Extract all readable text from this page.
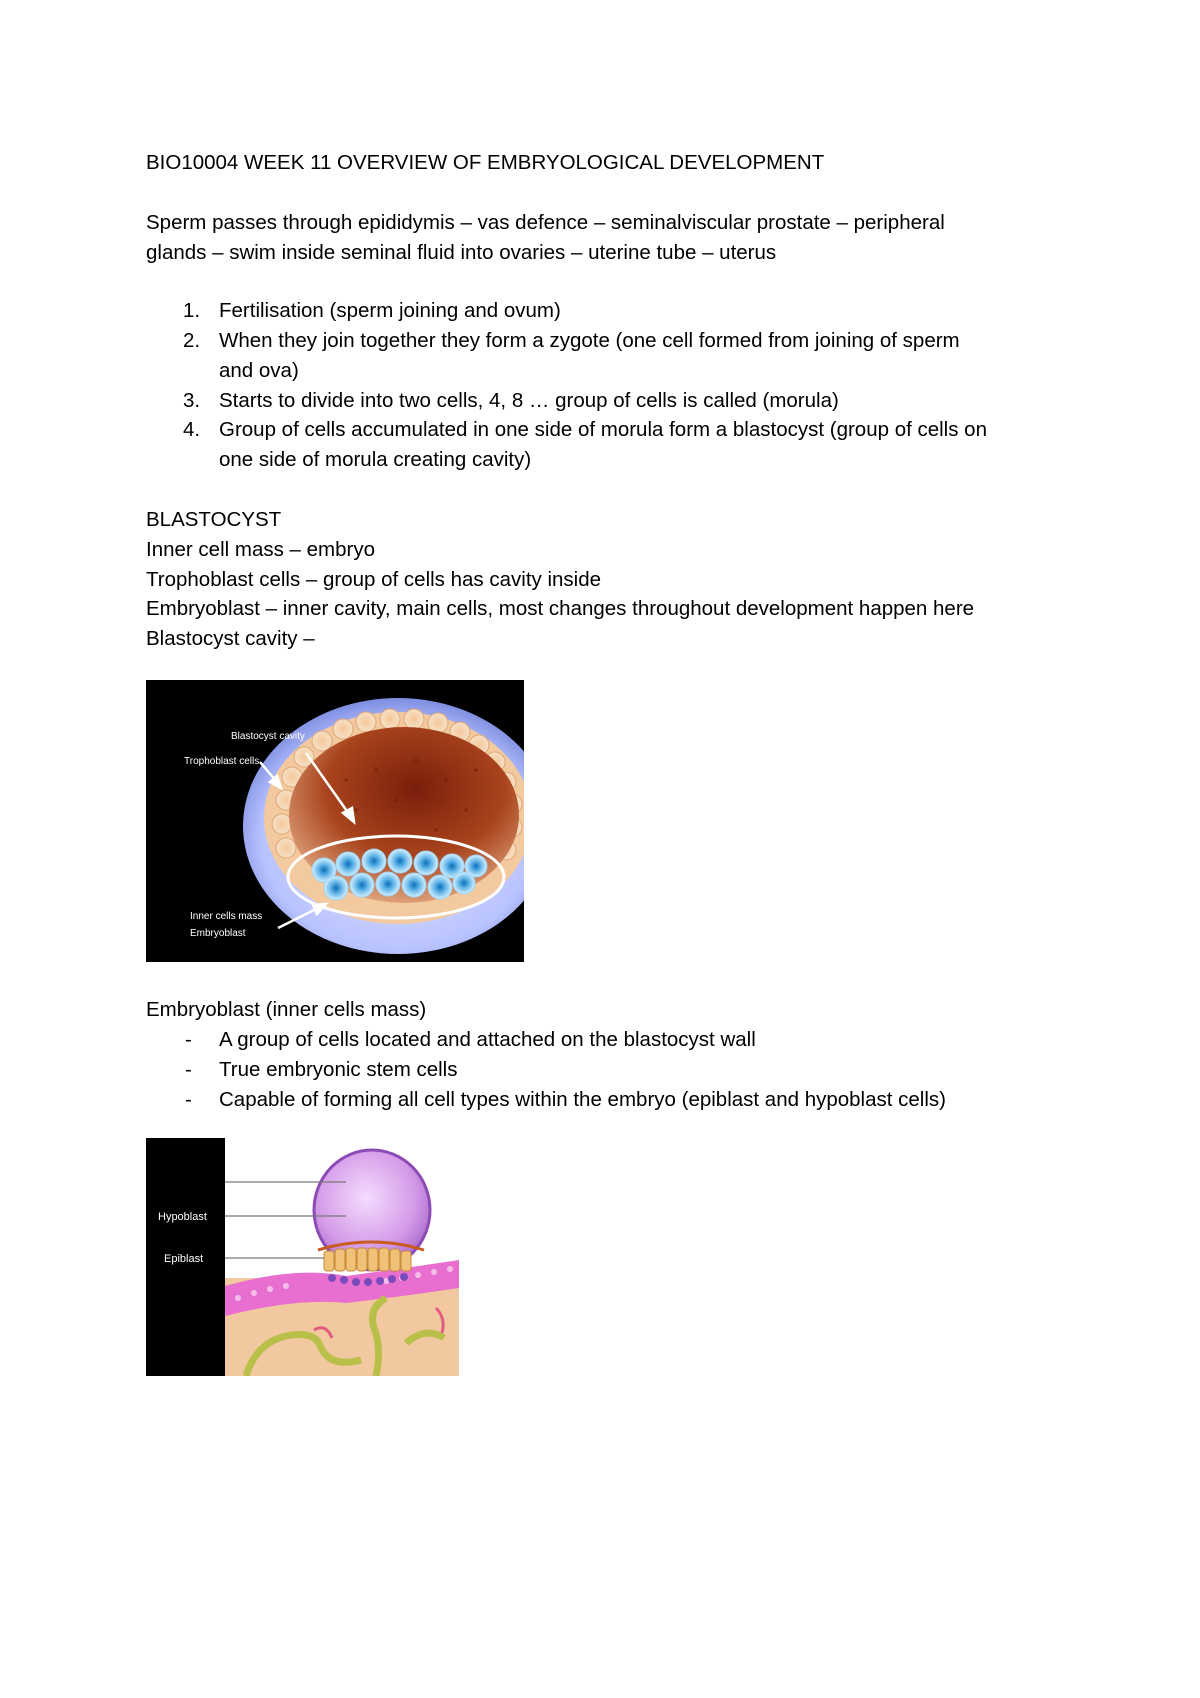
BIO10004 WEEK 11 OVERVIEW OF EMBRYOLOGICAL DEVELOPMENT
Sperm passes through epididymis – vas defence – seminalviscular prostate – peripheral
glands – swim inside seminal fluid into ovaries – uterine tube – uterus
1. Fertilisation (sperm joining and ovum)
2. When they join together they form a zygote (one cell formed from joining of sperm
and ova)
3. Starts to divide into two cells, 4, 8 … group of cells is called (morula)
4. Group of cells accumulated in one side of morula form a blastocyst (group of cells on
one side of morula creating cavity)
BLASTOCYST
Inner cell mass – embryo
Trophoblast cells – group of cells has cavity inside
Embryoblast – inner cavity, main cells, most changes throughout development happen here
Blastocyst cavity –
Blastocyst cavity
Trophoblast cells
Inner cells mass
Embryoblast
Embryoblast (inner cells mass)
- A group of cells located and attached on the blastocyst wall
- True embryonic stem cells
- Capable of forming all cell types within the embryo (epiblast and hypoblast cells)
Hypoblast
Epiblast
